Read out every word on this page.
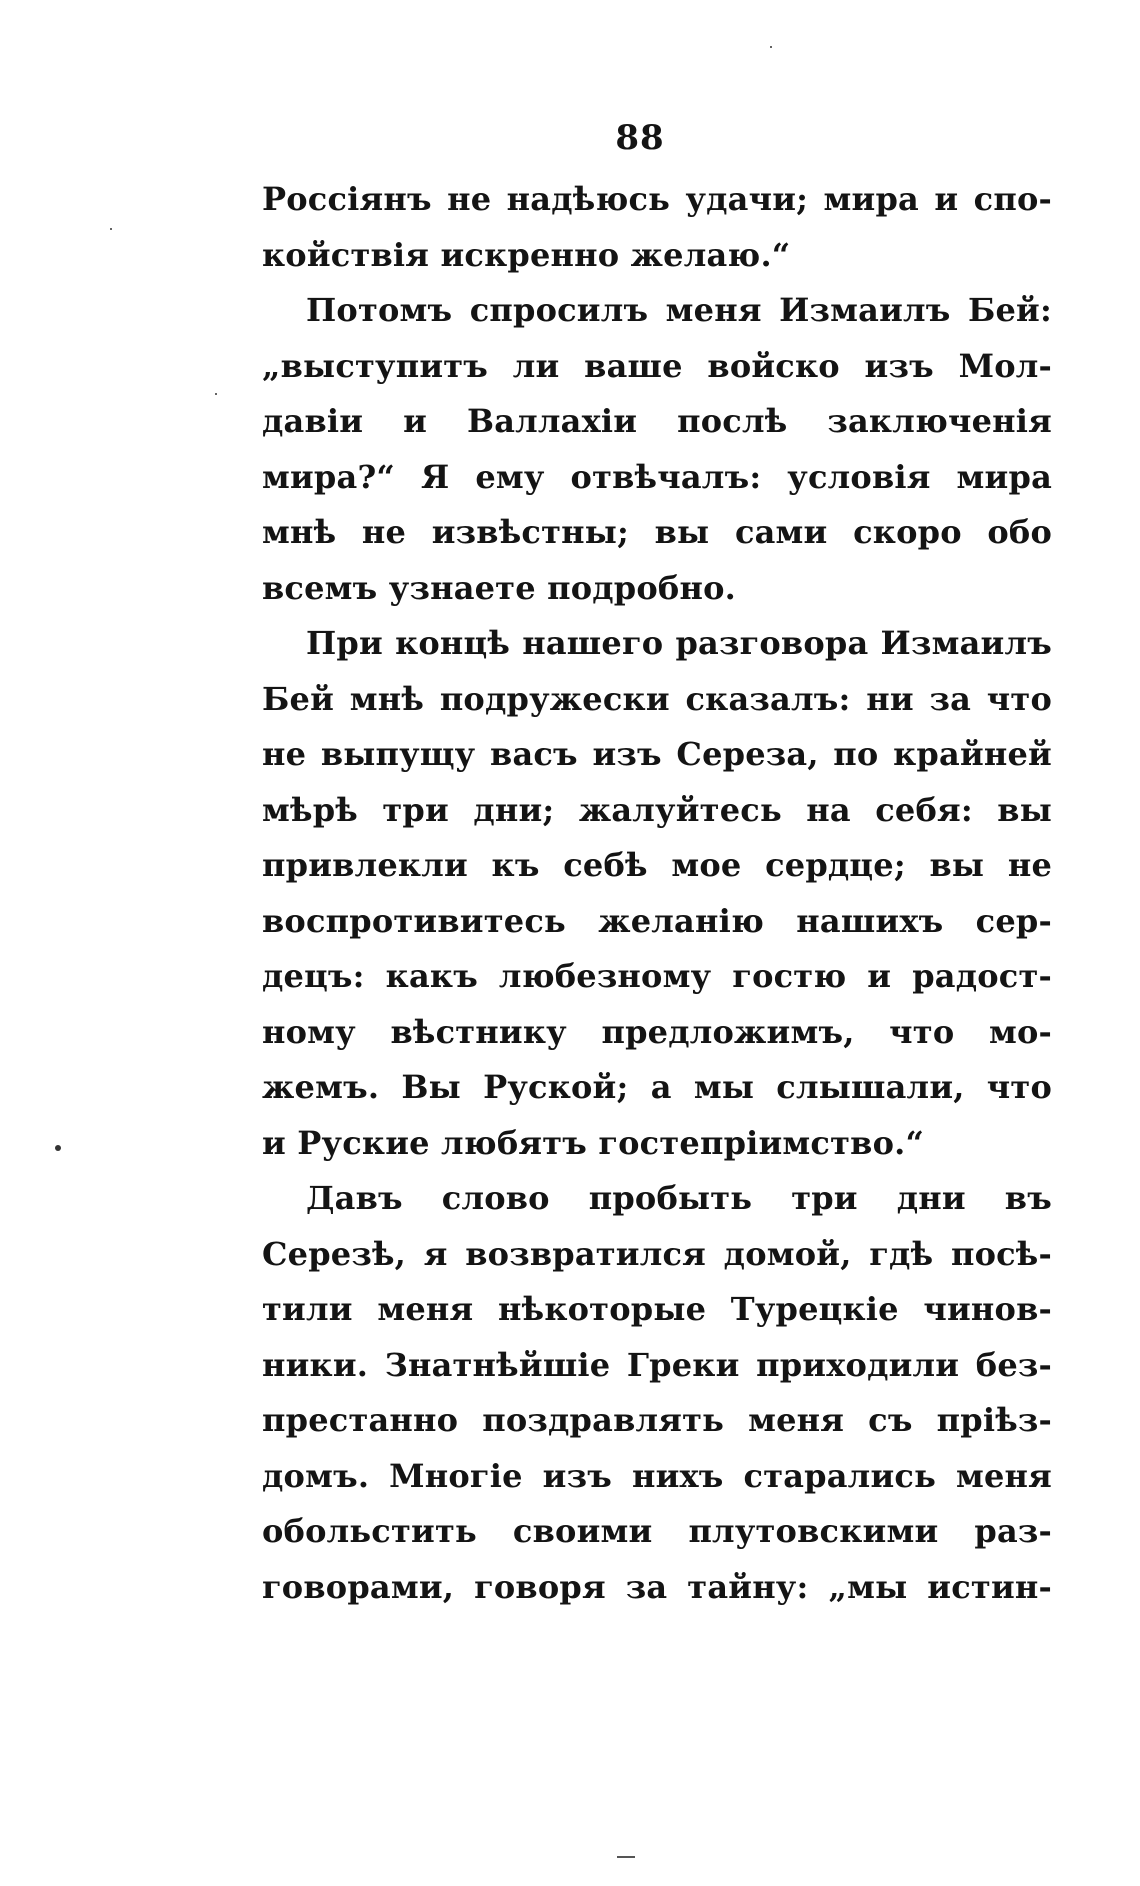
88
Россіянъ не надѣюсь удачи; мира и спо-
койствія искренно желаю.“
Потомъ спросилъ меня Измаилъ Бей:
„выступитъ ли ваше войско изъ Мол-
давіи и Валлахіи послѣ заключенія
мира?“ Я ему отвѣчалъ: условія мира
мнѣ не извѣстны; вы сами скоро обо
всемъ узнаете подробно.
При концѣ нашего разговора Измаилъ
Бей мнѣ подружески сказалъ: ни за что
не выпущу васъ изъ Сереза, по крайней
мѣрѣ три дни; жалуйтесь на себя: вы
привлекли къ себѣ мое сердце; вы не
воспротивитесь желанію нашихъ сер-
децъ: какъ любезному гостю и радост-
ному вѣстнику предложимъ, что мо-
жемъ. Вы Руской; а мы слышали, что
и Руские любятъ гостепріимство.“
Давъ слово пробыть три дни въ
Серезѣ, я возвратился домой, гдѣ посѣ-
тили меня нѣкоторые Турецкіе чинов-
ники. Знатнѣйшіе Греки приходили без-
престанно поздравлять меня съ пріѣз-
домъ. Многіе изъ нихъ старались меня
обольстить своими плутовскими раз-
говорами, говоря за тайну: „мы истин-
